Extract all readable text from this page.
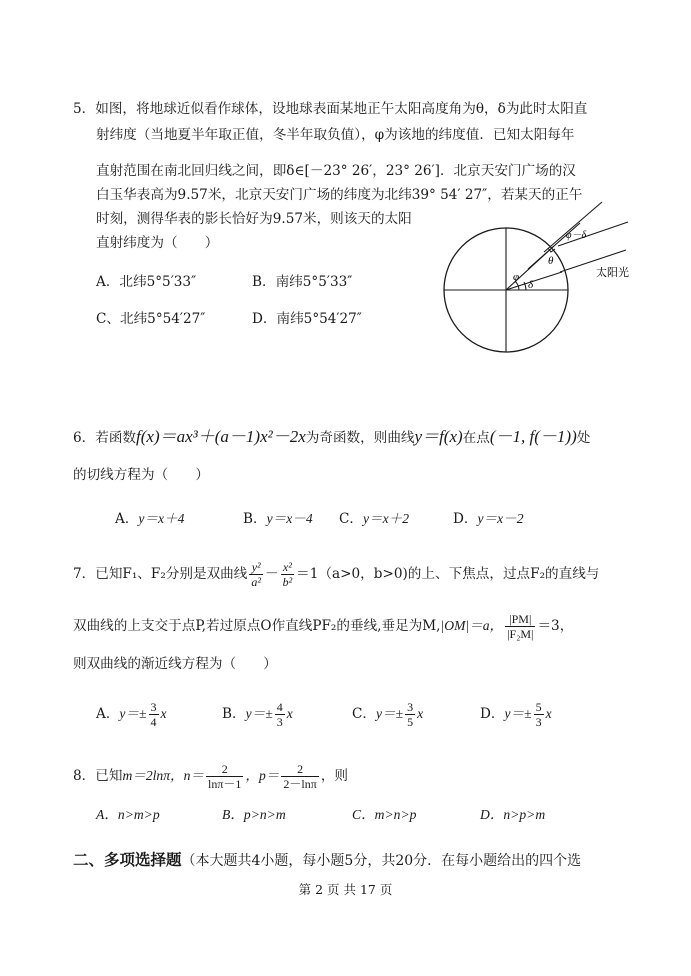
5．如图，将地球近似看作球体，设地球表面某地正午太阳高度角为θ，δ为此时太阳直
射纬度（当地夏半年取正值，冬半年取负值），φ为该地的纬度值．已知太阳每年
直射范围在南北回归线之间，即δ∈[－23° 26′，23° 26′]．北京天安门广场的汉
白玉华表高为9.57米，北京天安门广场的纬度为北纬39° 54′ 27″，若某天的正午
时刻，测得华表的影长恰好为9.57米，则该天的太阳
直射纬度为（　　）
A．北纬5°5′33″	B．南纬5°5′33″
C、北纬5°54′27″	D．南纬5°54′27″
φ－δ
θ
φ
δ
太阳光
6．若函数f(x)＝ax³＋(a－1)x²－2x为奇函数，则曲线y＝f(x)在点(－1, f(－1))处
的切线方程为（　　）
A．y＝x＋4	B．y＝x－4 C．y＝x＋2	D．y＝x－2
7．已知F₁、F₂分别是双曲线 $\frac{\text{y²}}{\text{a²}} - \frac{\text{x²}}{\text{b²}} =1(a>0$，b>0)的上、下焦点，过点F₂的直线与
双曲线的上支交于点P,若过原点O作直线PF₂的垂线,垂足为M,|OM|＝a， $\frac{|PM|}{\text{|F₂M|}} =3$，
则双曲线的渐近线方程为（　　）
A．$y=\pm \frac{3}{4}$ x	B．$y=\pm \frac{4}{3}$ x	C．$y=\pm \frac{3}{5}$ x	D．$y=\pm \frac{5}{3}$ x
8．已知m＝2lnπ，$n= \frac{2}{\ln\pi-1}$ ，$p= \frac{2}{2-\ln\pi}$ ，则
A．n>m>p	B．p>n>m	C．m>n>p	D．n>p>m
二、多项选择题（本大题共4小题，每小题5分，共20分．在每小题给出的四个选
第 2 页 共 17 页
